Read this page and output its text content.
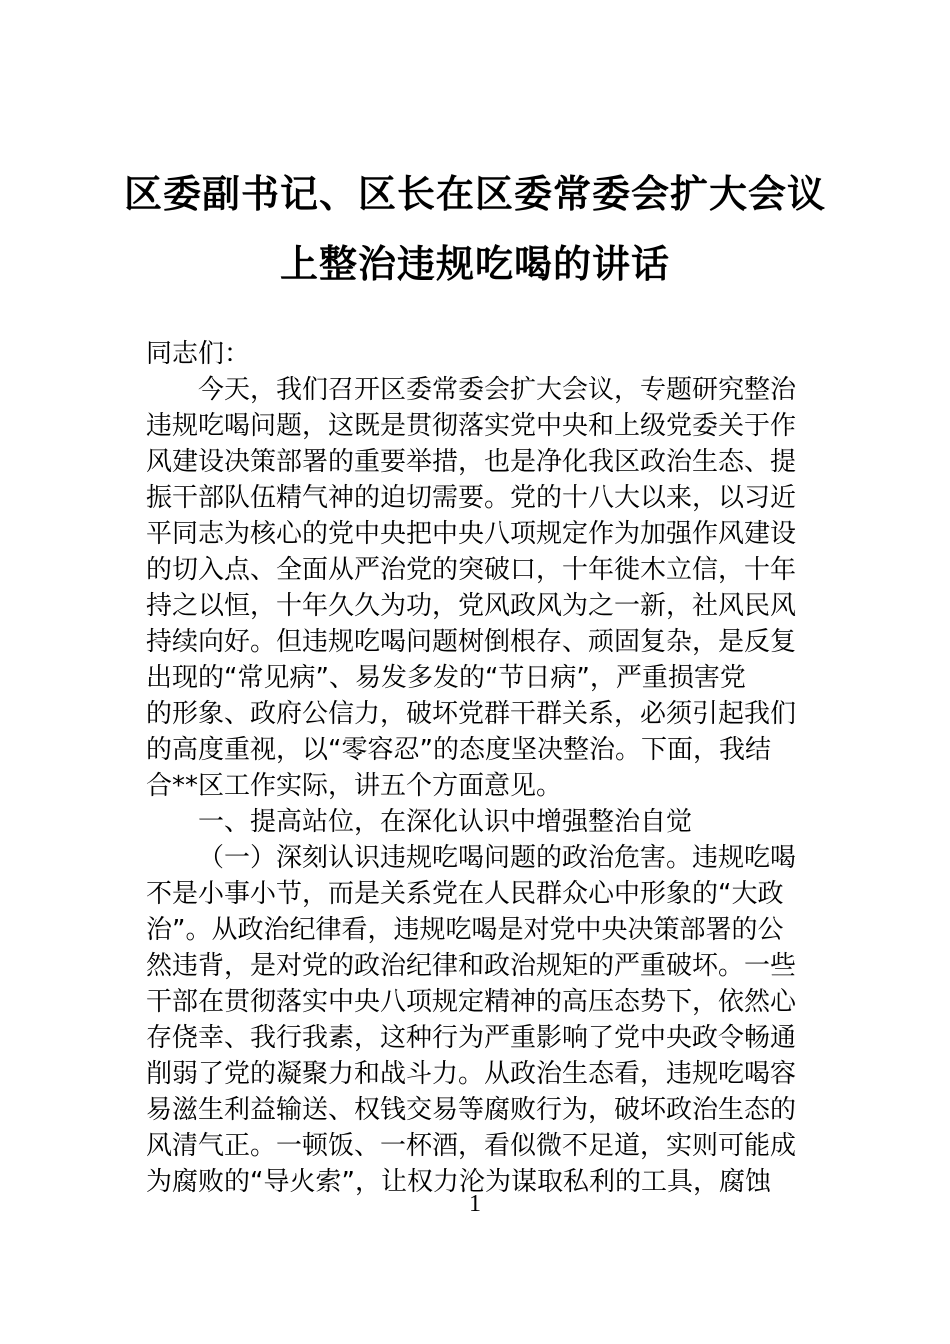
区委副书记、区长在区委常委会扩大会议
上整治违规吃喝的讲话
同志们：
今天，我们召开区委常委会扩大会议，专题研究整治
违规吃喝问题，这既是贯彻落实党中央和上级党委关于作
风建设决策部署的重要举措，也是净化我区政治生态、提
振干部队伍精气神的迫切需要。党的十八大以来，以习近
平同志为核心的党中央把中央八项规定作为加强作风建设
的切入点、全面从严治党的突破口，十年徙木立信，十年
持之以恒，十年久久为功，党风政风为之一新，社风民风
持续向好。但违规吃喝问题树倒根存、顽固复杂，是反复
出现的“常见病”、易发多发的“节日病”，严重损害党
的形象、政府公信力，破坏党群干群关系，必须引起我们
的高度重视，以“零容忍”的态度坚决整治。下面，我结
合**区工作实际，讲五个方面意见。
一、提高站位，在深化认识中增强整治自觉
（一）深刻认识违规吃喝问题的政治危害。违规吃喝
不是小事小节，而是关系党在人民群众心中形象的“大政
治”。从政治纪律看，违规吃喝是对党中央决策部署的公
然违背，是对党的政治纪律和政治规矩的严重破坏。一些
干部在贯彻落实中央八项规定精神的高压态势下，依然心
存侥幸、我行我素，这种行为严重影响了党中央政令畅通
削弱了党的凝聚力和战斗力。从政治生态看，违规吃喝容
易滋生利益输送、权钱交易等腐败行为，破坏政治生态的
风清气正。一顿饭、一杯酒，看似微不足道，实则可能成
为腐败的“导火索”，让权力沦为谋取私利的工具，腐蚀
1
